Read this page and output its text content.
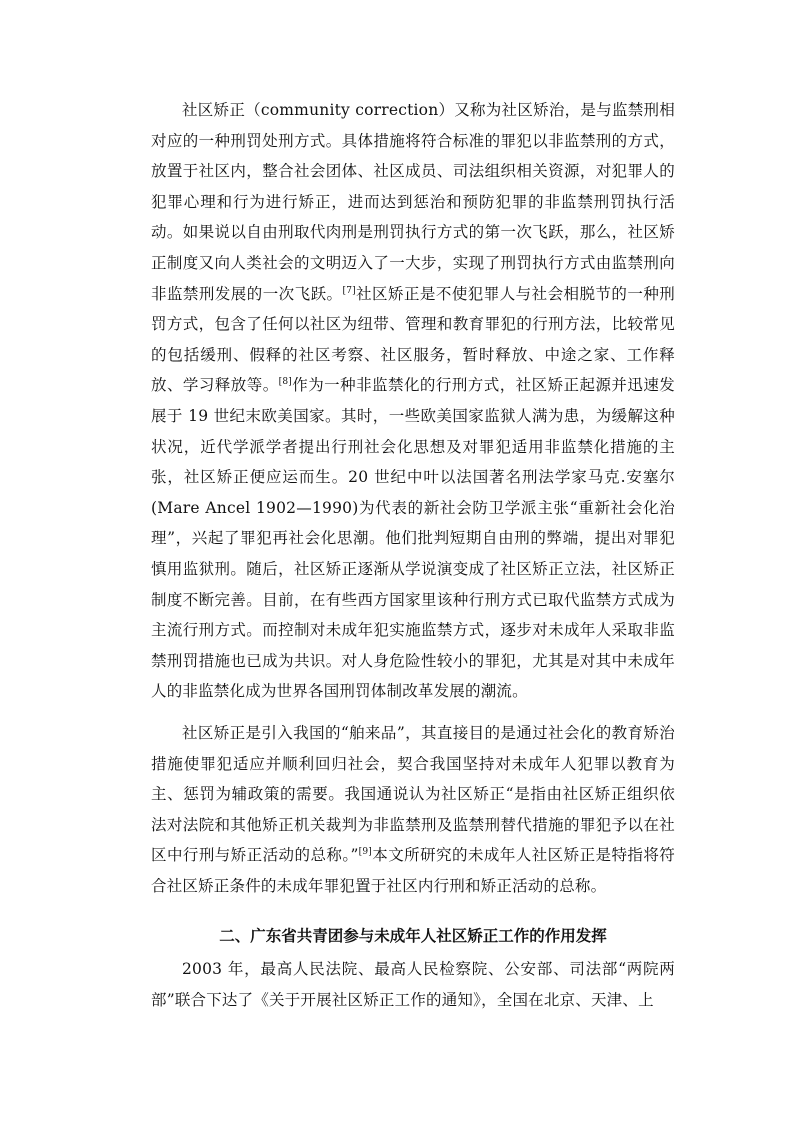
社区矫正（community correction）又称为社区矫治，是与监禁刑相对应的一种刑罚处刑方式。具体措施将符合标准的罪犯以非监禁刑的方式，放置于社区内，整合社会团体、社区成员、司法组织相关资源，对犯罪人的犯罪心理和行为进行矫正，进而达到惩治和预防犯罪的非监禁刑罚执行活动。如果说以自由刑取代肉刑是刑罚执行方式的第一次飞跃，那么，社区矫正制度又向人类社会的文明迈入了一大步，实现了刑罚执行方式由监禁刑向非监禁刑发展的一次飞跃。[7]社区矫正是不使犯罪人与社会相脱节的一种刑罚方式，包含了任何以社区为纽带、管理和教育罪犯的行刑方法，比较常见的包括缓刑、假释的社区考察、社区服务，暂时释放、中途之家、工作释放、学习释放等。[8]作为一种非监禁化的行刑方式，社区矫正起源并迅速发展于 19 世纪末欧美国家。其时，一些欧美国家监狱人满为患，为缓解这种状况，近代学派学者提出行刑社会化思想及对罪犯适用非监禁化措施的主张，社区矫正便应运而生。20 世纪中叶以法国著名刑法学家马克.安塞尔(Mare Ancel 1902—1990)为代表的新社会防卫学派主张“重新社会化治理”，兴起了罪犯再社会化思潮。他们批判短期自由刑的弊端，提出对罪犯慎用监狱刑。随后，社区矫正逐渐从学说演变成了社区矫正立法，社区矫正制度不断完善。目前，在有些西方国家里该种行刑方式已取代监禁方式成为主流行刑方式。而控制对未成年犯实施监禁方式，逐步对未成年人采取非监禁刑罚措施也已成为共识。对人身危险性较小的罪犯，尤其是对其中未成年人的非监禁化成为世界各国刑罚体制改革发展的潮流。

社区矫正是引入我国的“舶来品”，其直接目的是通过社会化的教育矫治措施使罪犯适应并顺利回归社会，契合我国坚持对未成年人犯罪以教育为主、惩罚为辅政策的需要。我国通说认为社区矫正“是指由社区矫正组织依法对法院和其他矫正机关裁判为非监禁刑及监禁刑替代措施的罪犯予以在社区中行刑与矫正活动的总称。”[9]本文所研究的未成年人社区矫正是特指将符合社区矫正条件的未成年罪犯置于社区内行刑和矫正活动的总称。

二、广东省共青团参与未成年人社区矫正工作的作用发挥

2003 年，最高人民法院、最高人民检察院、公安部、司法部“两院两部”联合下达了《关于开展社区矫正工作的通知》，全国在北京、天津、上
